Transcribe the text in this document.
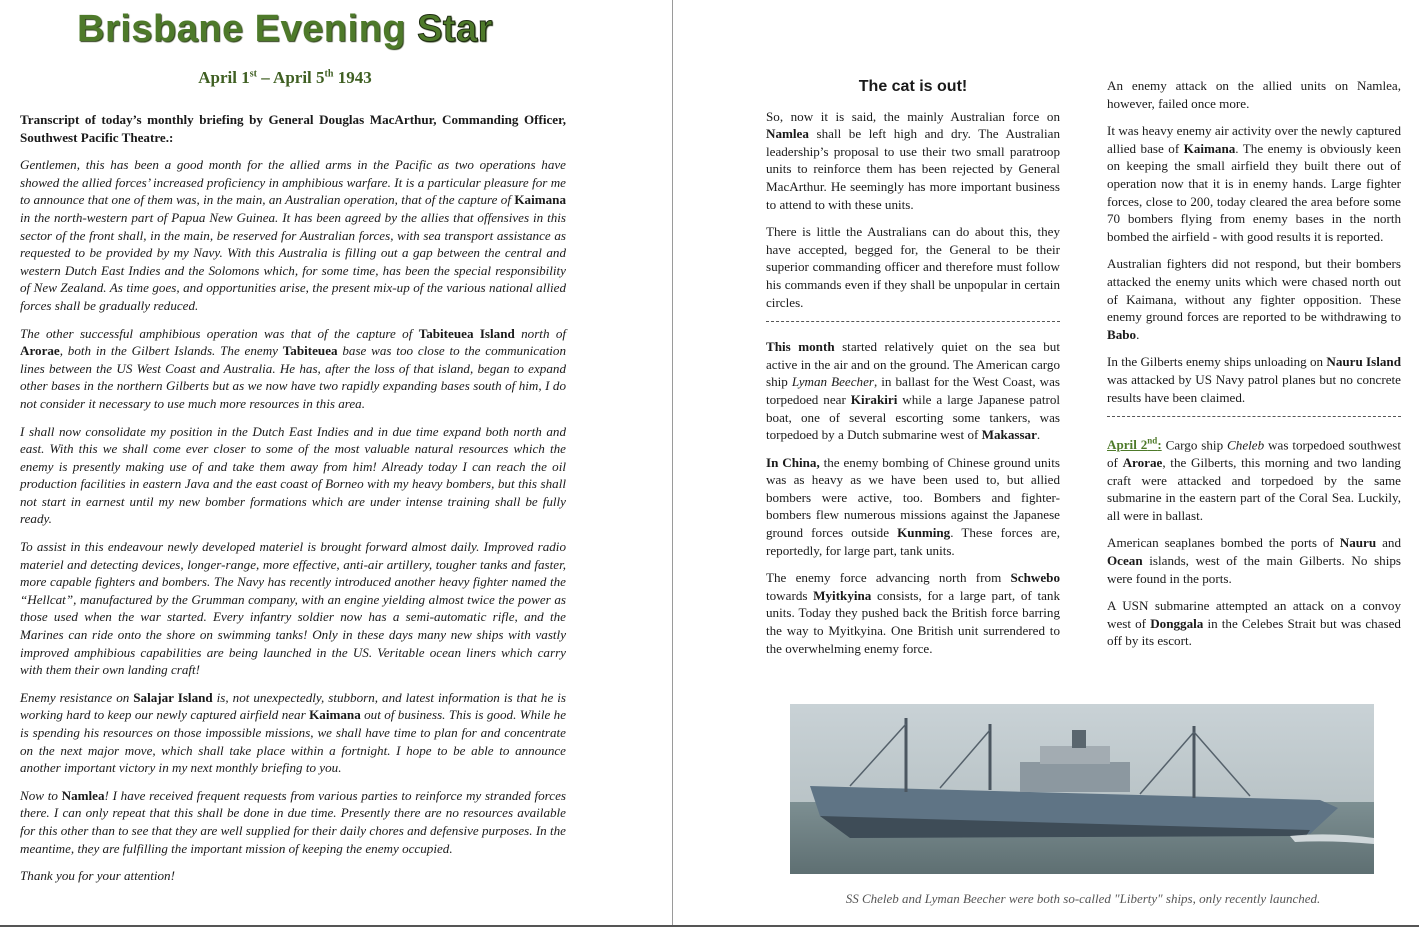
Brisbane Evening Star
April 1st – April 5th 1943

Transcript of today’s monthly briefing by General Douglas MacArthur, Commanding Officer, Southwest Pacific Theatre.:

Gentlemen, this has been a good month for the allied arms in the Pacific as two operations have showed the allied forces’ increased proficiency in amphibious warfare. It is a particular pleasure for me to announce that one of them was, in the main, an Australian operation, that of the capture of Kaimana in the north-western part of Papua New Guinea. It has been agreed by the allies that offensives in this sector of the front shall, in the main, be reserved for Australian forces, with sea transport assistance as requested to be provided by my Navy. With this Australia is filling out a gap between the central and western Dutch East Indies and the Solomons which, for some time, has been the special responsibility of New Zealand. As time goes, and opportunities arise, the present mix-up of the various national allied forces shall be gradually reduced.

The other successful amphibious operation was that of the capture of Tabiteuea Island north of Arorae, both in the Gilbert Islands. The enemy Tabiteuea base was too close to the communication lines between the US West Coast and Australia. He has, after the loss of that island, began to expand other bases in the northern Gilberts but as we now have two rapidly expanding bases south of him, I do not consider it necessary to use much more resources in this area.

I shall now consolidate my position in the Dutch East Indies and in due time expand both north and east. With this we shall come ever closer to some of the most valuable natural resources which the enemy is presently making use of and take them away from him! Already today I can reach the oil production facilities in eastern Java and the east coast of Borneo with my heavy bombers, but this shall not start in earnest until my new bomber formations which are under intense training shall be fully ready.

To assist in this endeavour newly developed materiel is brought forward almost daily. Improved radio materiel and detecting devices, longer-range, more effective, anti-air artillery, tougher tanks and faster, more capable fighters and bombers. The Navy has recently introduced another heavy fighter named the “Hellcat”, manufactured by the Grumman company, with an engine yielding almost twice the power as those used when the war started. Every infantry soldier now has a semi-automatic rifle, and the Marines can ride onto the shore on swimming tanks! Only in these days many new ships with vastly improved amphibious capabilities are being launched in the US. Veritable ocean liners which carry with them their own landing craft!

Enemy resistance on Salajar Island is, not unexpectedly, stubborn, and latest information is that he is working hard to keep our newly captured airfield near Kaimana out of business. This is good. While he is spending his resources on those impossible missions, we shall have time to plan for and concentrate on the next major move, which shall take place within a fortnight. I hope to be able to announce another important victory in my next monthly briefing to you.

Now to Namlea! I have received frequent requests from various parties to reinforce my stranded forces there. I can only repeat that this shall be done in due time. Presently there are no resources available for this other than to see that they are well supplied for their daily chores and defensive purposes. In the meantime, they are fulfilling the important mission of keeping the enemy occupied.

Thank you for your attention!

The cat is out!

So, now it is said, the mainly Australian force on Namlea shall be left high and dry. The Australian leadership’s proposal to use their two small paratroop units to reinforce them has been rejected by General MacArthur. He seemingly has more important business to attend to with these units.

There is little the Australians can do about this, they have accepted, begged for, the General to be their superior commanding officer and therefore must follow his commands even if they shall be unpopular in certain circles.

This month started relatively quiet on the sea but active in the air and on the ground. The American cargo ship Lyman Beecher, in ballast for the West Coast, was torpedoed near Kirakiri while a large Japanese patrol boat, one of several escorting some tankers, was torpedoed by a Dutch submarine west of Makassar.

In China, the enemy bombing of Chinese ground units was as heavy as we have been used to, but allied bombers were active, too. Bombers and fighter-bombers flew numerous missions against the Japanese ground forces outside Kunming. These forces are, reportedly, for large part, tank units.

The enemy force advancing north from Schwebo towards Myitkyina consists, for a large part, of tank units. Today they pushed back the British force barring the way to Myitkyina. One British unit surrendered to the overwhelming enemy force.

An enemy attack on the allied units on Namlea, however, failed once more.

It was heavy enemy air activity over the newly captured allied base of Kaimana. The enemy is obviously keen on keeping the small airfield they built there out of operation now that it is in enemy hands. Large fighter forces, close to 200, today cleared the area before some 70 bombers flying from enemy bases in the north bombed the airfield - with good results it is reported.

Australian fighters did not respond, but their bombers attacked the enemy units which were chased north out of Kaimana, without any fighter opposition. These enemy ground forces are reported to be withdrawing to Babo.

In the Gilberts enemy ships unloading on Nauru Island was attacked by US Navy patrol planes but no concrete results have been claimed.

April 2nd: Cargo ship Cheleb was torpedoed southwest of Arorae, the Gilberts, this morning and two landing craft were attacked and torpedoed by the same submarine in the eastern part of the Coral Sea. Luckily, all were in ballast.

American seaplanes bombed the ports of Nauru and Ocean islands, west of the main Gilberts. No ships were found in the ports.

A USN submarine attempted an attack on a convoy west of Donggala in the Celebes Strait but was chased off by its escort.

SS Cheleb and Lyman Beecher were both so-called "Liberty" ships, only recently launched.
